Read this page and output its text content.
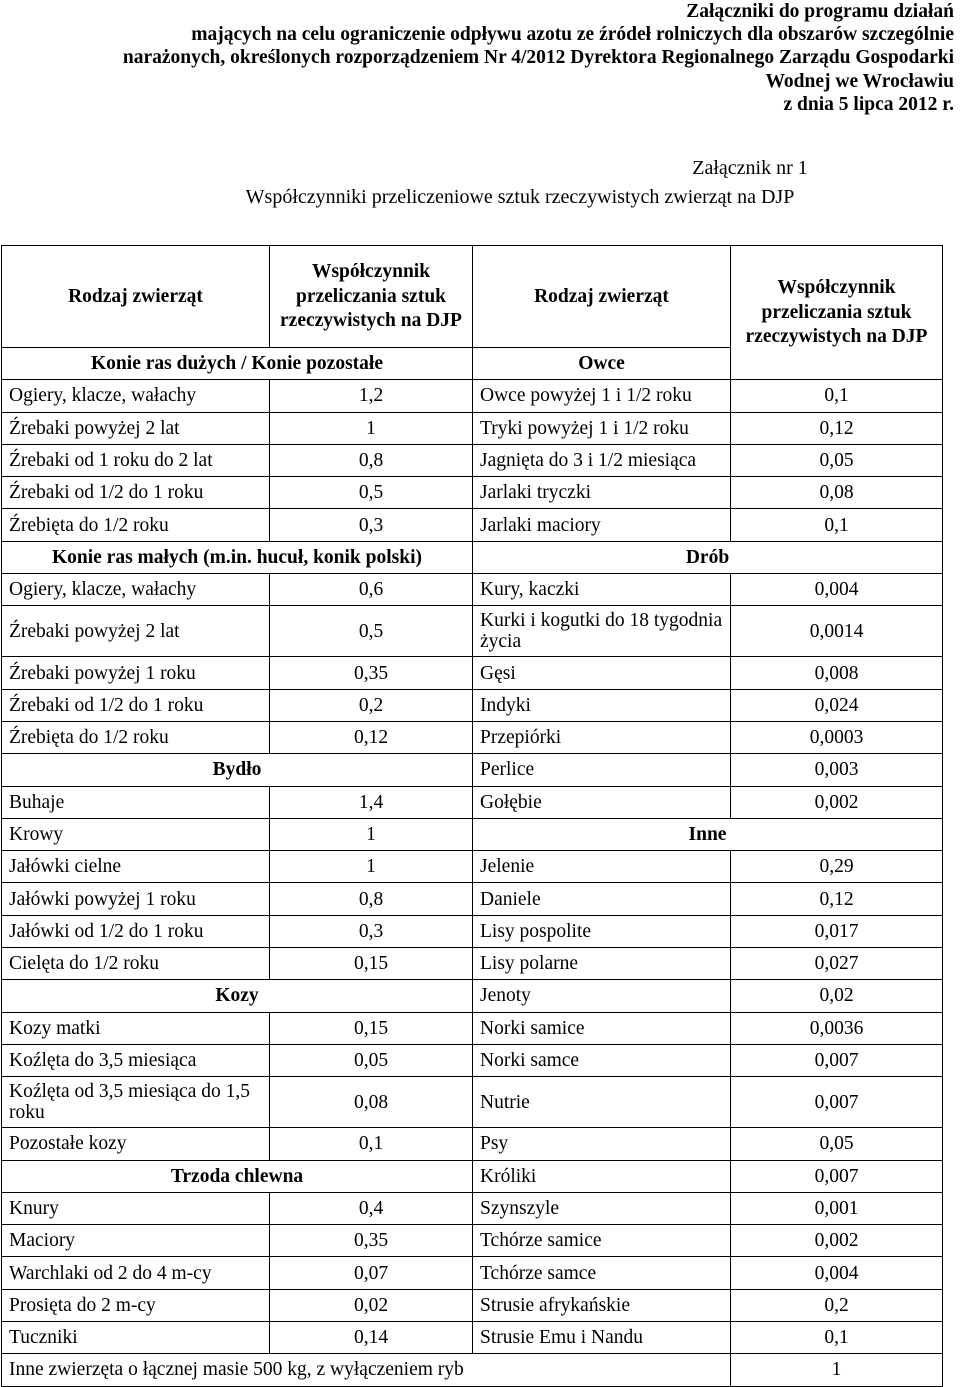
Załączniki do programu działań
mających na celu ograniczenie odpływu azotu ze źródeł rolniczych dla obszarów szczególnie
narażonych, określonych rozporządzeniem Nr 4/2012 Dyrektora Regionalnego Zarządu Gospodarki
Wodnej we Wrocławiu
z dnia 5 lipca 2012 r.
Załącznik nr 1
Współczynniki przeliczeniowe sztuk rzeczywistych zwierząt na DJP
Rodzaj zwierząt	Współczynnik przeliczania sztuk rzeczywistych na DJP	Rodzaj zwierząt	Współczynnik przeliczania sztuk rzeczywistych na DJP
Konie ras dużych / Konie pozostałe		Owce	
Ogiery, klacze, wałachy	1,2	Owce powyżej 1 i 1/2 roku	0,1
Źrebaki powyżej 2 lat	1	Tryki powyżej 1 i 1/2 roku	0,12
Źrebaki od 1 roku do 2 lat	0,8	Jagnięta do 3 i 1/2 miesiąca	0,05
Źrebaki od 1/2 do 1 roku	0,5	Jarlaki tryczki	0,08
Źrebięta do 1/2 roku	0,3	Jarlaki maciory	0,1
Konie ras małych (m.in. hucuł, konik polski)		Drób	
Ogiery, klacze, wałachy	0,6	Kury, kaczki	0,004
Źrebaki powyżej 2 lat	0,5	Kurki i kogutki do 18 tygodnia życia	0,0014
Źrebaki powyżej 1 roku	0,35	Gęsi	0,008
Źrebaki od 1/2 do 1 roku	0,2	Indyki	0,024
Źrebięta do 1/2 roku	0,12	Przepiórki	0,0003
Bydło		Perlice	0,003
Buhaje	1,4	Gołębie	0,002
Krowy	1	Inne	
Jałówki cielne	1	Jelenie	0,29
Jałówki powyżej 1 roku	0,8	Daniele	0,12
Jałówki od 1/2 do 1 roku	0,3	Lisy pospolite	0,017
Cielęta do 1/2 roku	0,15	Lisy polarne	0,027
Kozy		Jenoty	0,02
Kozy matki	0,15	Norki samice	0,0036
Koźlęta do 3,5 miesiąca	0,05	Norki samce	0,007
Koźlęta od 3,5 miesiąca do 1,5 roku	0,08	Nutrie	0,007
Pozostałe kozy	0,1	Psy	0,05
Trzoda chlewna		Króliki	0,007
Knury	0,4	Szynszyle	0,001
Maciory	0,35	Tchórze samice	0,002
Warchlaki od 2 do 4 m-cy	0,07	Tchórze samce	0,004
Prosięta do 2 m-cy	0,02	Strusie afrykańskie	0,2
Tuczniki	0,14	Strusie Emu i Nandu	0,1
Inne zwierzęta o łącznej masie 500 kg, z wyłączeniem ryb			1
